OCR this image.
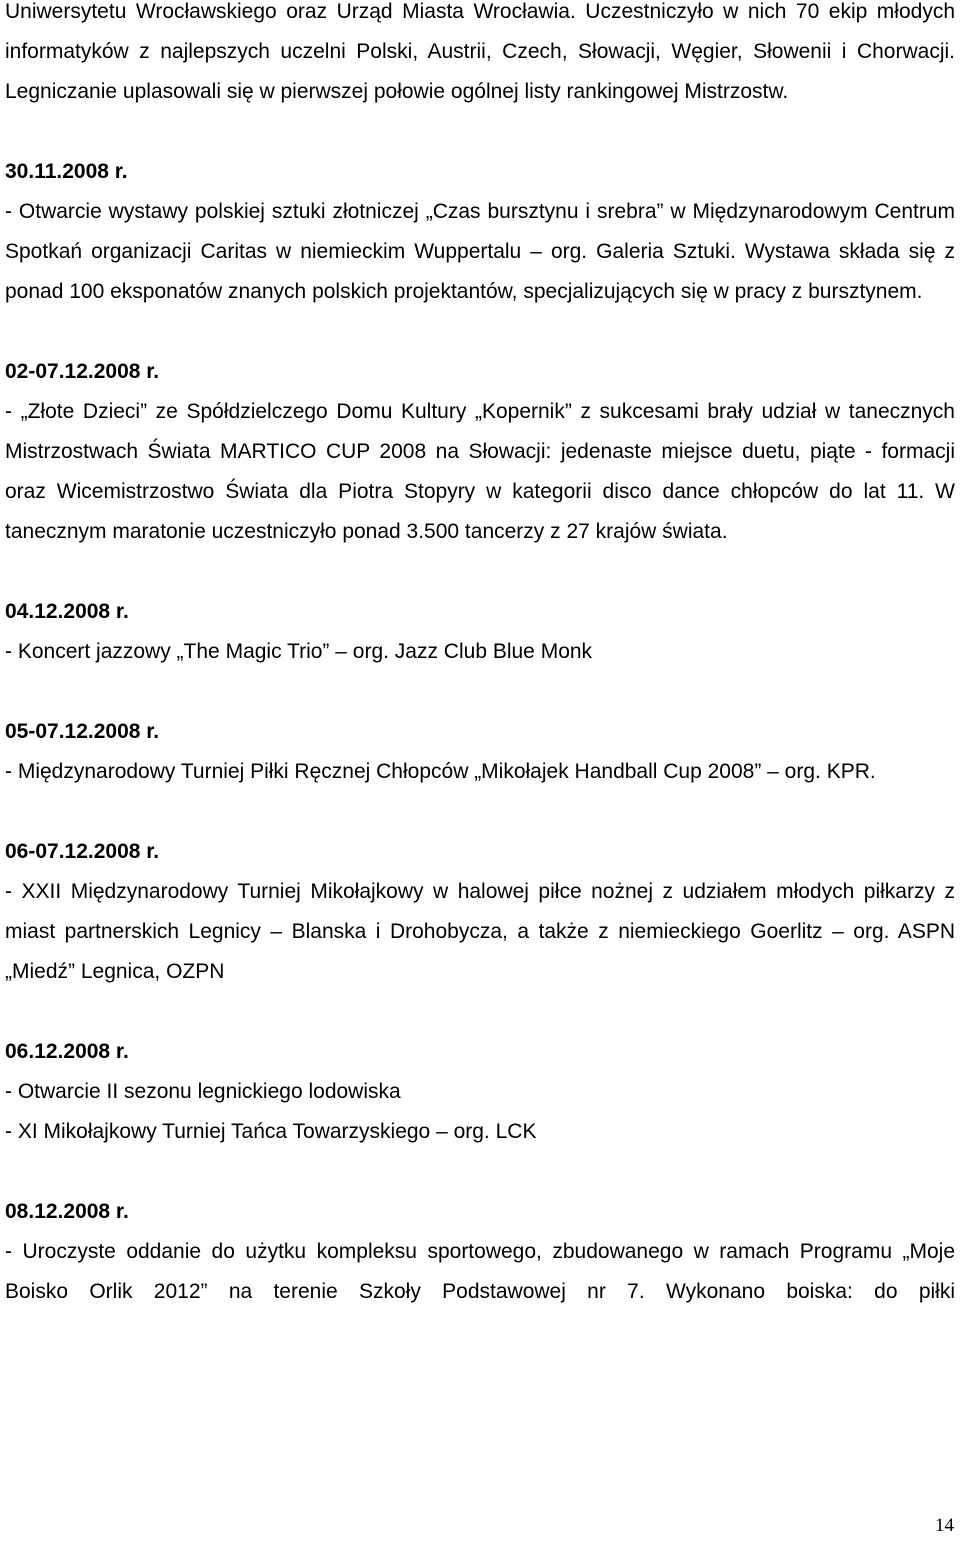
Uniwersytetu Wrocławskiego oraz Urząd Miasta Wrocławia. Uczestniczyło w nich 70 ekip młodych informatyków z najlepszych uczelni Polski, Austrii, Czech, Słowacji, Węgier, Słowenii i Chorwacji. Legniczanie uplasowali się w pierwszej połowie ogólnej listy rankingowej Mistrzostw.

30.11.2008 r.

- Otwarcie wystawy polskiej sztuki złotniczej „Czas bursztynu i srebra” w Międzynarodowym Centrum Spotkań organizacji Caritas w niemieckim Wuppertalu – org. Galeria Sztuki. Wystawa składa się z ponad 100 eksponatów znanych polskich projektantów, specjalizujących się w pracy z bursztynem.

02-07.12.2008 r.

- „Złote Dzieci” ze Spółdzielczego Domu Kultury „Kopernik” z sukcesami brały udział w tanecznych Mistrzostwach Świata MARTICO CUP 2008 na Słowacji: jedenaste miejsce duetu, piąte - formacji oraz Wicemistrzostwo Świata dla Piotra Stopyry w kategorii disco dance chłopców do lat 11. W tanecznym maratonie uczestniczyło ponad 3.500 tancerzy z 27 krajów świata.

04.12.2008 r.

- Koncert jazzowy „The Magic Trio” – org. Jazz Club Blue Monk

05-07.12.2008 r.

- Międzynarodowy Turniej Piłki Ręcznej Chłopców „Mikołajek Handball Cup 2008” – org. KPR.

06-07.12.2008 r.

- XXII Międzynarodowy Turniej Mikołajkowy w halowej piłce nożnej z udziałem młodych piłkarzy z miast partnerskich Legnicy – Blanska i Drohobycza, a także z niemieckiego Goerlitz – org. ASPN „Miedź” Legnica, OZPN

06.12.2008 r.

- Otwarcie II sezonu legnickiego lodowiska

- XI Mikołajkowy Turniej Tańca Towarzyskiego – org. LCK

08.12.2008 r.

- Uroczyste oddanie do użytku kompleksu sportowego, zbudowanego w ramach Programu „Moje Boisko Orlik 2012” na terenie Szkoły Podstawowej nr 7. Wykonano boiska: do piłki

14
